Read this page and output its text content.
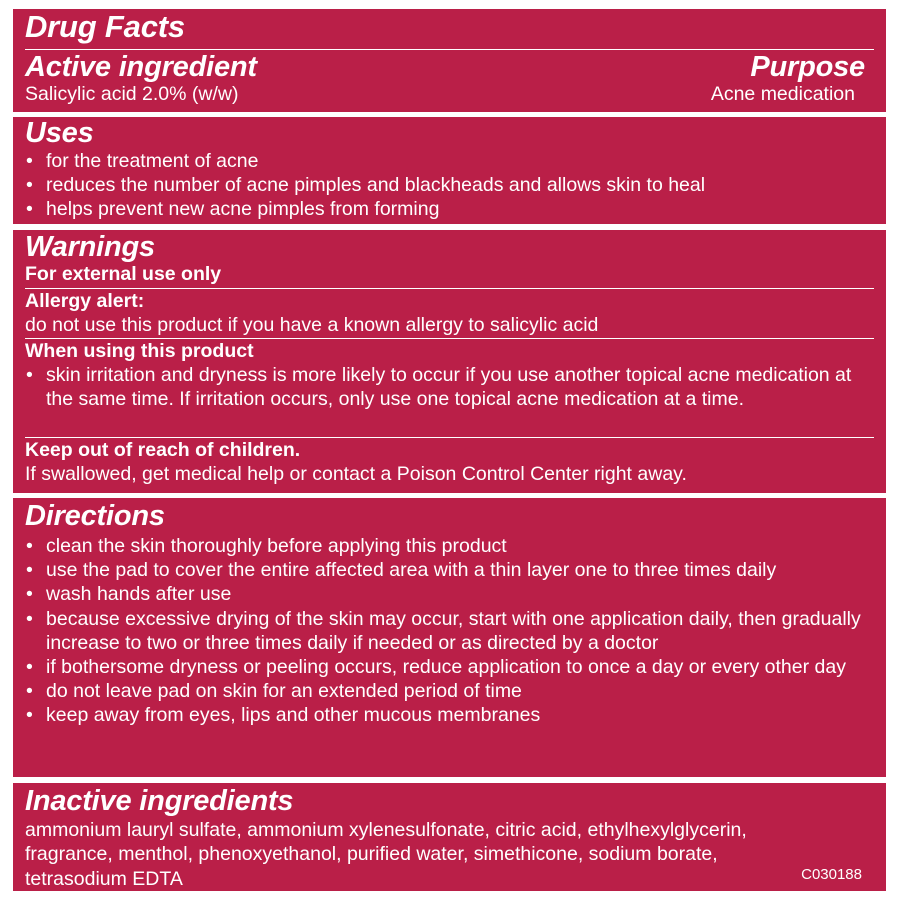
Drug Facts
Active ingredient	Purpose
Salicylic acid 2.0% (w/w)	Acne medication
Uses
• for the treatment of acne
• reduces the number of acne pimples and blackheads and allows skin to heal
• helps prevent new acne pimples from forming
Warnings
For external use only
Allergy alert:
do not use this product if you have a known allergy to salicylic acid
When using this product
• skin irritation and dryness is more likely to occur if you use another topical acne medication at the same time. If irritation occurs, only use one topical acne medication at a time.
Keep out of reach of children.
If swallowed, get medical help or contact a Poison Control Center right away.
Directions
• clean the skin thoroughly before applying this product
• use the pad to cover the entire affected area with a thin layer one to three times daily
• wash hands after use
• because excessive drying of the skin may occur, start with one application daily, then gradually increase to two or three times daily if needed or as directed by a doctor
• if bothersome dryness or peeling occurs, reduce application to once a day or every other day
• do not leave pad on skin for an extended period of time
• keep away from eyes, lips and other mucous membranes
Inactive ingredients
ammonium lauryl sulfate, ammonium xylenesulfonate, citric acid, ethylhexylglycerin, fragrance, menthol, phenoxyethanol, purified water, simethicone, sodium borate, tetrasodium EDTA	C030188
